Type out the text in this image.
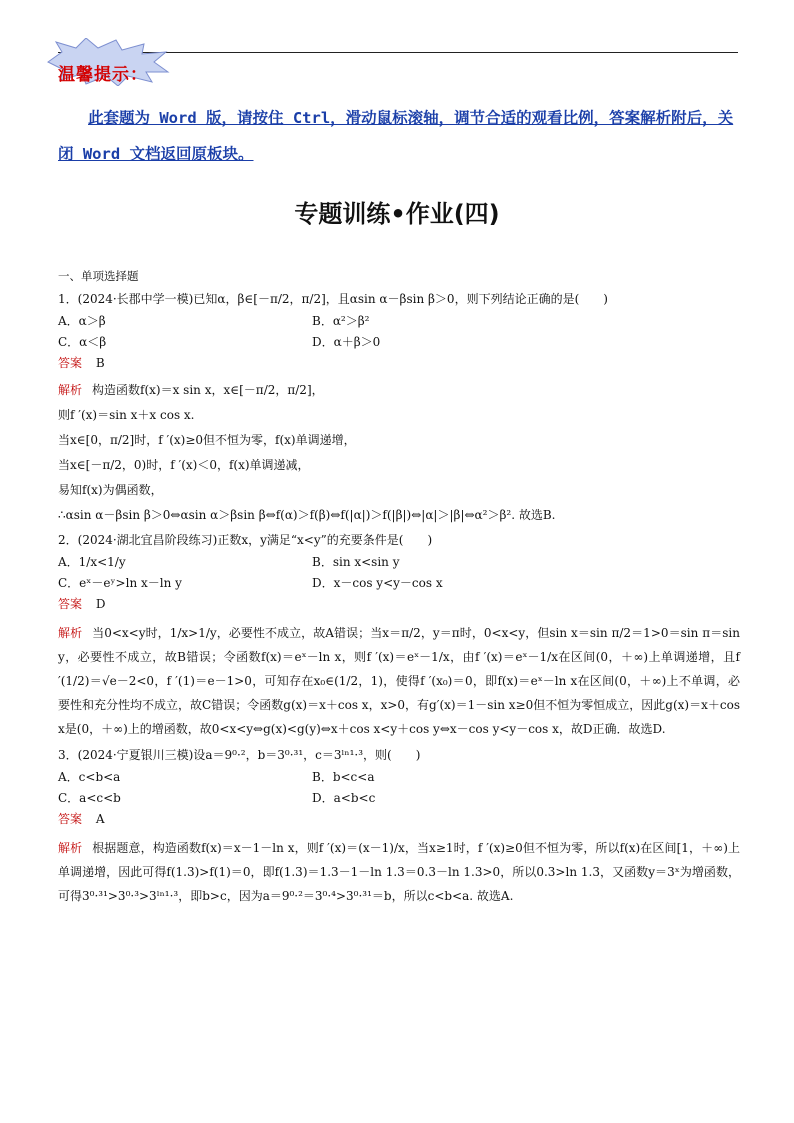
温馨提示：
此套题为 Word 版，请按住 Ctrl，滑动鼠标滚轴，调节合适的观看比例，答案解析附后，关闭 Word 文档返回原板块。
专题训练•作业(四)
一、单项选择题
1．(2024·长郡中学一模)已知α，β∈[－π/2，π/2]，且αsin α－βsin β＞0，则下列结论正确的是(　　)
A．α＞β	B．α²＞β²
C．α＜β	D．α＋β＞0
答案 B

解析 构造函数f(x)＝x sin x，x∈[－π/2，π/2]，

则f ′(x)＝sin x＋x cos x.

当x∈[0，π/2]时，f ′(x)≥0但不恒为零，f(x)单调递增，

当x∈[－π/2，0)时，f ′(x)＜0，f(x)单调递减，

易知f(x)为偶函数，

∴αsin α－βsin β＞0⇔αsin α＞βsin β⇔f(α)＞f(β)⇔f(|α|)＞f(|β|)⇔|α|＞|β|⇔α²＞β². 故选B.

2．(2024·湖北宜昌阶段练习)正数x，y满足“x<y”的充要条件是(　　)
A．1/x<1/y	B．sin x<sin y
C．eˣ－eʸ>ln x－ln y	D．x－cos y<y－cos x
答案 D

解析 当0<x<y时，1/x>1/y，必要性不成立，故A错误；当x＝π/2，y＝π时，0<x<y，但sin x＝sin π/2＝1>0＝sin π＝sin y，必要性不成立，故B错误；令函数f(x)＝eˣ－ln x，则f ′(x)＝eˣ－1/x，由f ′(x)＝eˣ－1/x在区间(0，＋∞)上单调递增，且f ′(1/2)＝√e－2<0，f ′(1)＝e－1>0，可知存在x₀∈(1/2，1)，使得f ′(x₀)＝0，即f(x)＝eˣ－ln x在区间(0，＋∞)上不单调，必要性和充分性均不成立，故C错误；令函数g(x)＝x＋cos x，x>0，有g′(x)＝1－sin x≥0但不恒为零恒成立，因此g(x)＝x＋cos x是(0，＋∞)上的增函数，故0<x<y⇔g(x)<g(y)⇔x＋cos x<y＋cos y⇔x－cos y<y－cos x，故D正确．故选D.

3．(2024·宁夏银川三模)设a＝9⁰·²，b＝3⁰·³¹，c＝3ˡⁿ¹·³，则(　　)
A．c<b<a	B．b<c<a
C．a<c<b	D．a<b<c
答案 A

解析 根据题意，构造函数f(x)＝x－1－ln x，则f ′(x)＝(x－1)/x，当x≥1时，f ′(x)≥0但不恒为零，所以f(x)在区间[1，＋∞)上单调递增，因此可得f(1.3)>f(1)＝0，即f(1.3)＝1.3－1－ln 1.3＝0.3－ln 1.3>0，所以0.3>ln 1.3，又函数y＝3ˣ为增函数，可得3⁰·³¹>3⁰·³>3ˡⁿ¹·³，即b>c，因为a＝9⁰·²＝3⁰·⁴>3⁰·³¹＝b，所以c<b<a. 故选A.
